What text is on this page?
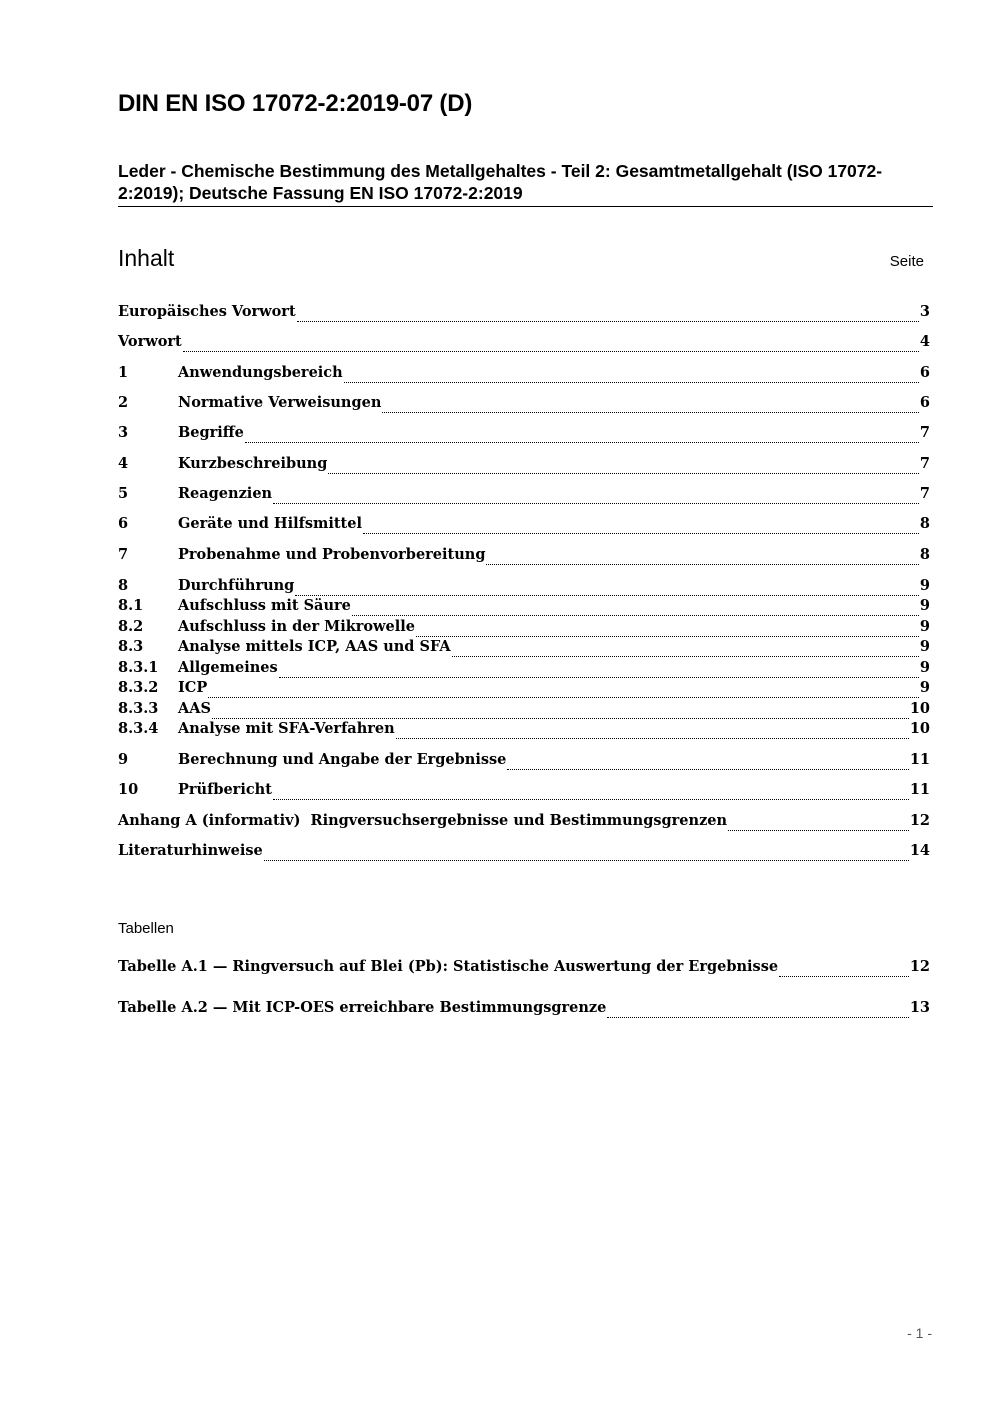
DIN EN ISO 17072-2:2019-07 (D)
Leder - Chemische Bestimmung des Metallgehaltes - Teil 2: Gesamtmetallgehalt (ISO 17072-2:2019); Deutsche Fassung EN ISO 17072-2:2019
Inhalt	Seite
Europäisches Vorwort	3
Vorwort	4
1	Anwendungsbereich	6
2	Normative Verweisungen	6
3	Begriffe	7
4	Kurzbeschreibung	7
5	Reagenzien	7
6	Geräte und Hilfsmittel	8
7	Probenahme und Probenvorbereitung	8
8	Durchführung	9
8.1	Aufschluss mit Säure	9
8.2	Aufschluss in der Mikrowelle	9
8.3	Analyse mittels ICP, AAS und SFA	9
8.3.1	Allgemeines	9
8.3.2	ICP	9
8.3.3	AAS	10
8.3.4	Analyse mit SFA-Verfahren	10
9	Berechnung und Angabe der Ergebnisse	11
10	Prüfbericht	11
Anhang A (informativ)  Ringversuchsergebnisse und Bestimmungsgrenzen	12
Literaturhinweise	14
Tabellen
Tabelle A.1 — Ringversuch auf Blei (Pb): Statistische Auswertung der Ergebnisse	12
Tabelle A.2 — Mit ICP-OES erreichbare Bestimmungsgrenze	13
- 1 -
